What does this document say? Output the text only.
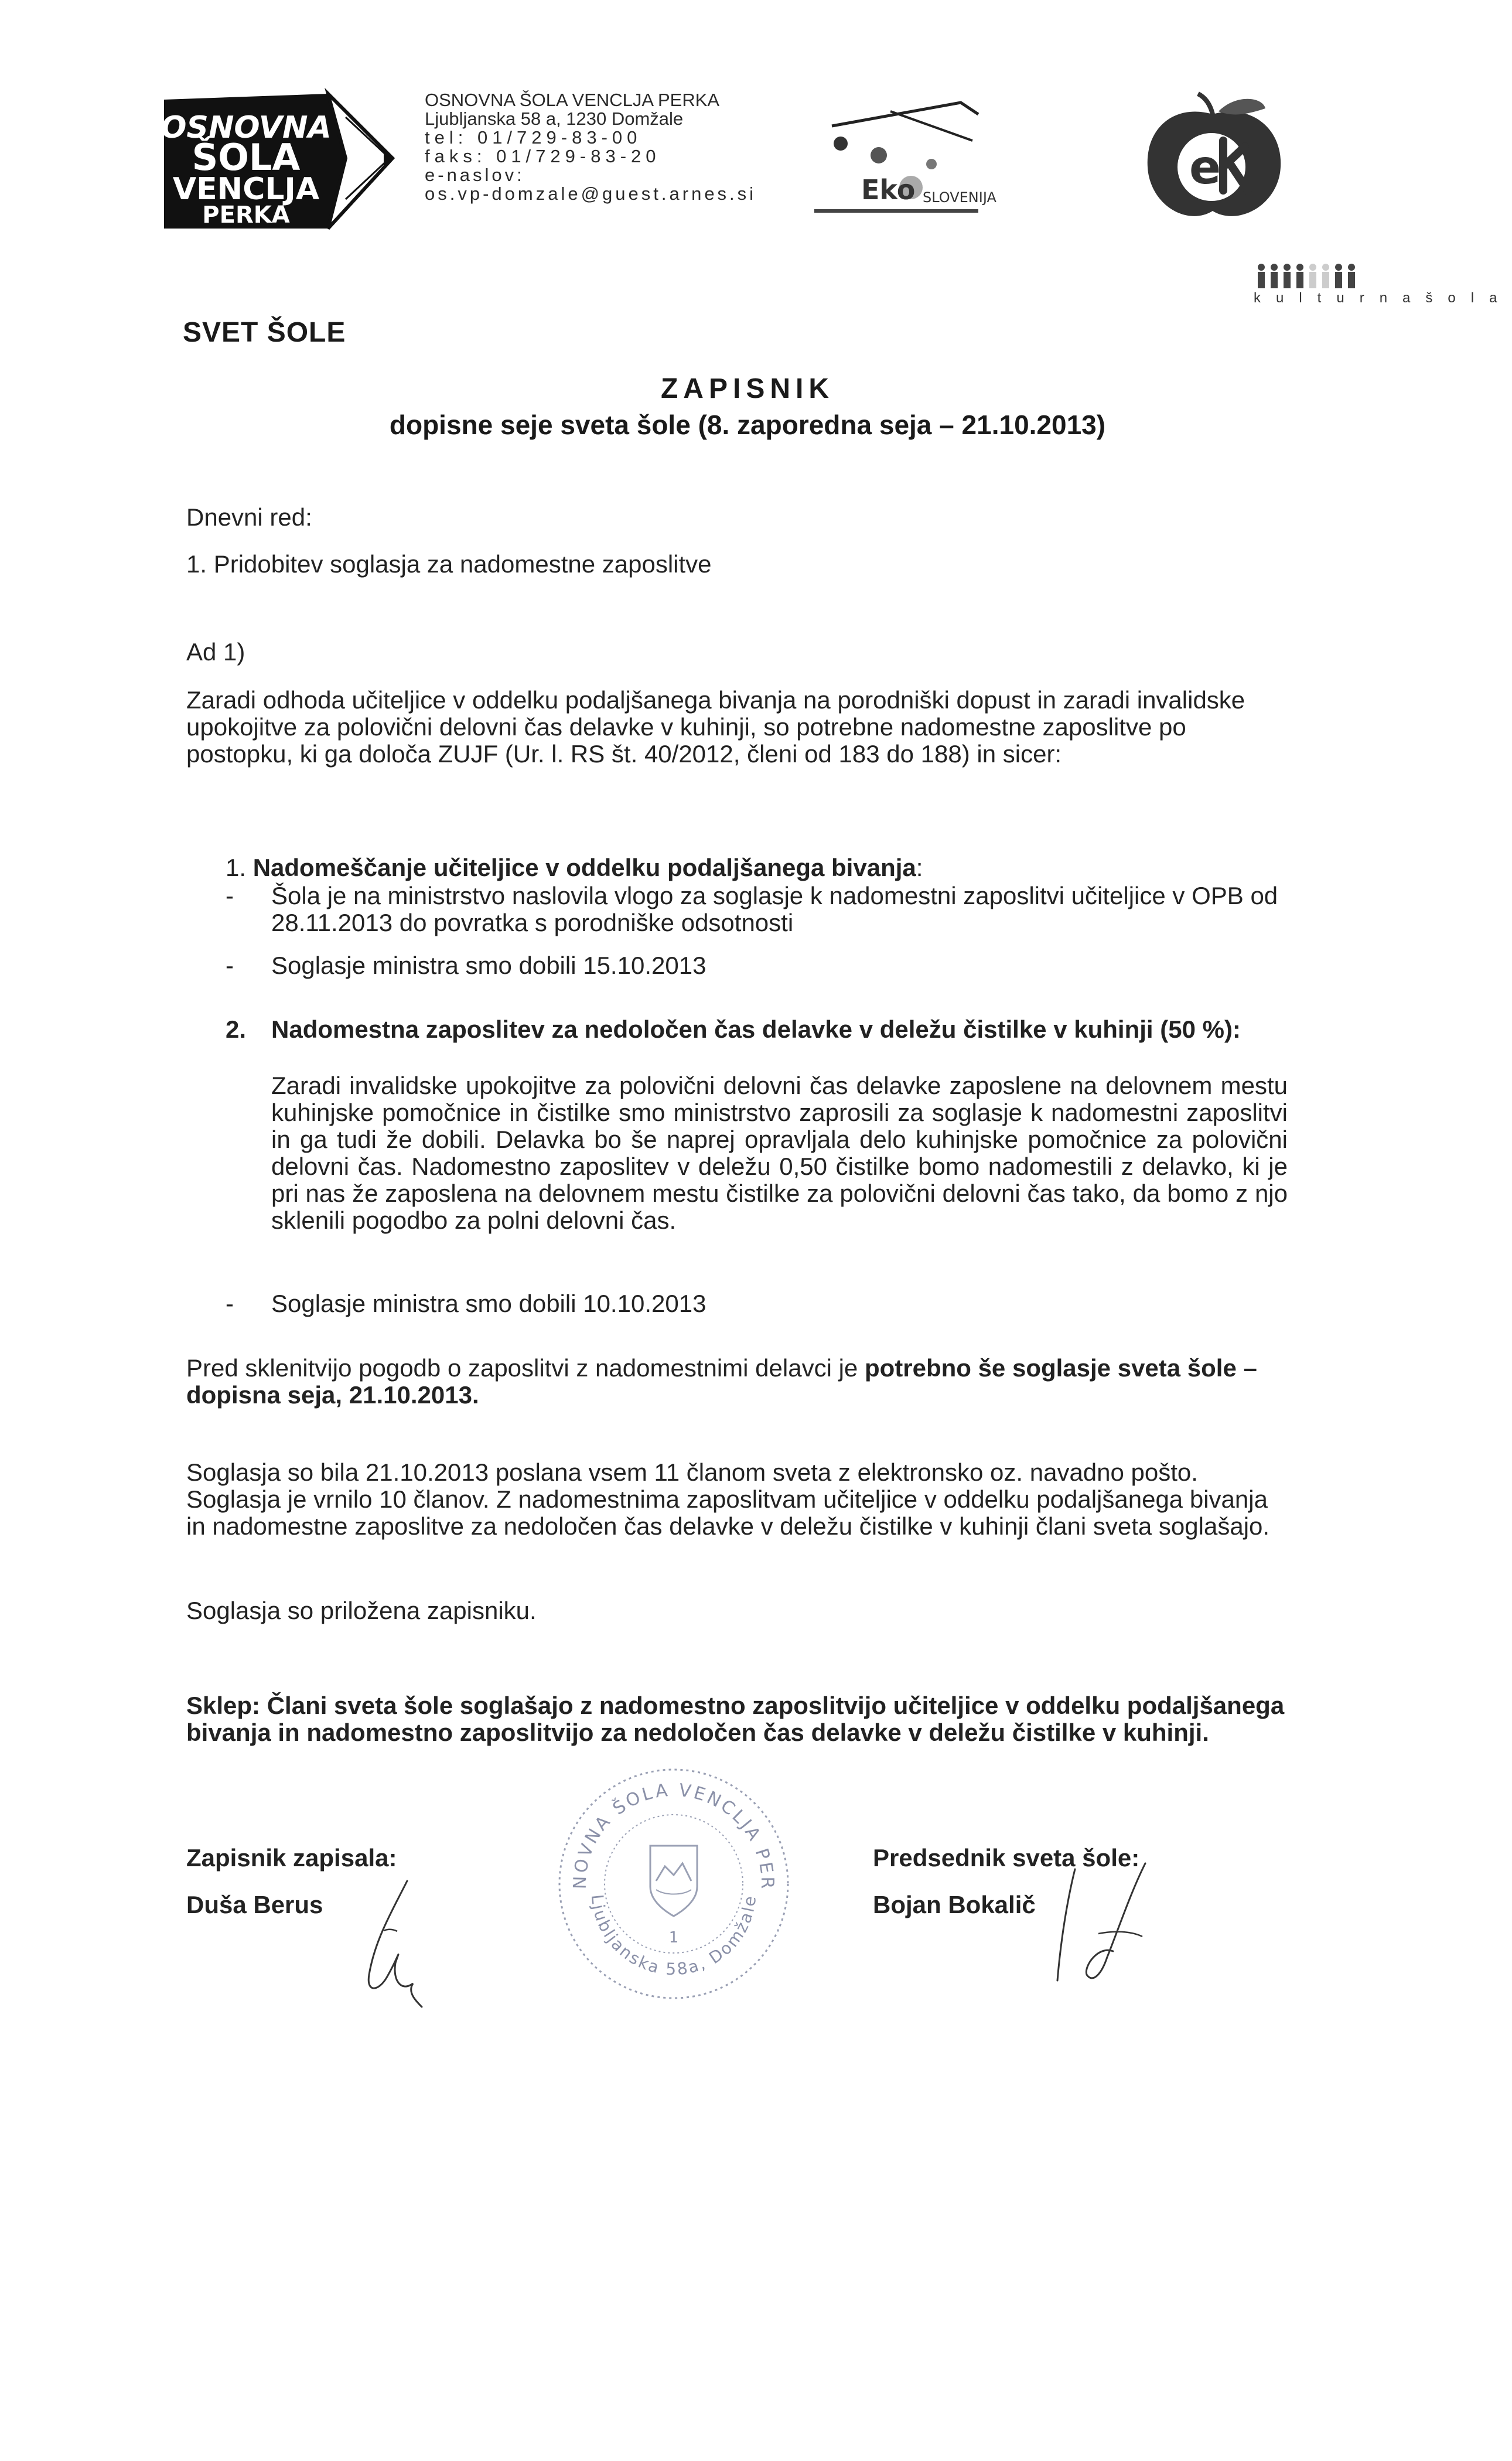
OSNOVNA
ŠOLA
VENCLJA
PERKA
OSNOVNA ŠOLA VENCLJA PERKA
Ljubljanska 58 a, 1230 Domžale
tel: 01/729-83-00
faks: 01/729-83-20
e-naslov:
os.vp-domzale@guest.arnes.si	Eko SLOVENIJA
e
kulturnašola
SVET ŠOLE
ZAPISNIK
dopisne seje sveta šole (8. zaporedna seja – 21.10.2013)
Dnevni red:
1. Pridobitev soglasja za nadomestne zaposlitve
Ad 1)
Zaradi odhoda učiteljice v oddelku podaljšanega bivanja na porodniški dopust in zaradi invalidske upokojitve za polovični delovni čas delavke v kuhinji, so potrebne nadomestne zaposlitve po postopku, ki ga določa ZUJF (Ur. l. RS št. 40/2012, členi od 183 do 188) in sicer:
1. Nadomeščanje učiteljice v oddelku podaljšanega bivanja:
- Šola je na ministrstvo naslovila vlogo za soglasje k nadomestni zaposlitvi učiteljice v OPB od 28.11.2013 do povratka s porodniške odsotnosti
- Soglasje ministra smo dobili 15.10.2013
2. Nadomestna zaposlitev za nedoločen čas delavke v deležu čistilke v kuhinji (50 %):
Zaradi invalidske upokojitve za polovični delovni čas delavke zaposlene na delovnem mestu kuhinjske pomočnice in čistilke smo ministrstvo zaprosili za soglasje k nadomestni zaposlitvi in ga tudi že dobili. Delavka bo še naprej opravljala delo kuhinjske pomočnice za polovični delovni čas. Nadomestno zaposlitev v deležu 0,50 čistilke bomo nadomestili z delavko, ki je pri nas že zaposlena na delovnem mestu čistilke za polovični delovni čas tako, da bomo z njo sklenili pogodbo za polni delovni čas.
- Soglasje ministra smo dobili 10.10.2013
Pred sklenitvijo pogodb o zaposlitvi z nadomestnimi delavci je potrebno še soglasje sveta šole – dopisna seja, 21.10.2013.
Soglasja so bila 21.10.2013 poslana vsem 11 članom sveta z elektronsko oz. navadno pošto. Soglasja je vrnilo 10 članov. Z nadomestnima zaposlitvam učiteljice v oddelku podaljšanega bivanja in nadomestne zaposlitve za nedoločen čas delavke v deležu čistilke v kuhinji člani sveta soglašajo.
Soglasja so priložena zapisniku.
Sklep: Člani sveta šole soglašajo z nadomestno zaposlitvijo učiteljice v oddelku podaljšanega bivanja in nadomestno zaposlitvijo za nedoločen čas delavke v deležu čistilke v kuhinji.
Zapisnik zapisala:
Duša Berus
Predsednik sveta šole:
Bojan Bokalič
NOVNA ŠOLA VENCLJA PER
Ljubljanska 58a, Domžale
1
